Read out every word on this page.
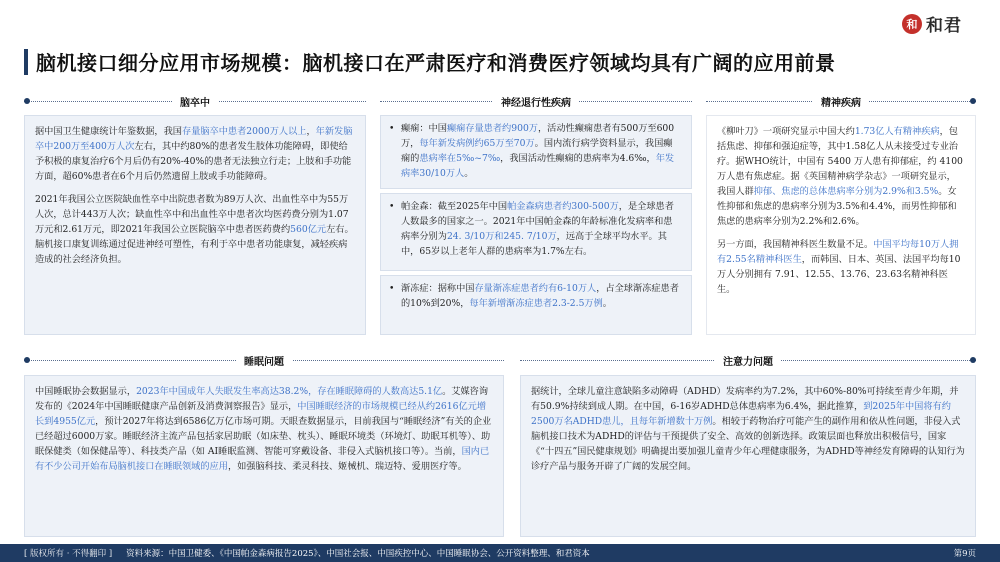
和 和君
脑机接口细分应用市场规模：脑机接口在严肃医疗和消费医疗领域均具有广阔的应用前景
脑卒中

据中国卫生健康统计年鉴数据，我国存量脑卒中患者2000万人以上，年新发脑卒中200万至400万人次左右，其中约80%的患者发生肢体功能障碍，即使给予积极的康复治疗6个月后仍有20%-40%的患者无法独立行走；上肢和手功能方面，超60%患者在6个月后仍然遗留上肢或手功能障碍。

2021年我国公立医院缺血性卒中出院患者数为89万人次、出血性卒中为55万人次，总计443万人次；缺血性卒中和出血性卒中患者次均医药费分别为1.07万元和2.61万元，即2021年我国公立医院脑卒中患者医药费约560亿元左右。脑机接口康复训练通过促进神经可塑性，有利于卒中患者功能康复，减轻疾病造成的社会经济负担。

神经退行性疾病
• 癫痫：中国癫痫存量患者约900万，活动性癫痫患者有500万至600万，每年新发病例约65万至70万。国内流行病学资料显示，我国癫痫的患病率在5‰~7‰，我国活动性癫痫的患病率为4.6‰，年发病率30/10万人。
• 帕金森：截至2025年中国帕金森病患者约300-500万，是全球患者人数最多的国家之一。2021年中国帕金森的年龄标准化发病率和患病率分别为24. 3/10万和245. 7/10万，远高于全球平均水平。其中，65岁以上老年人群的患病率为1.7%左右。
• 渐冻症：据称中国存量渐冻症患者约有6-10万人，占全球渐冻症患者的10%到20%，每年新增渐冻症患者2.3-2.5万例。
精神疾病

《柳叶刀》一项研究显示中国大约1.73亿人有精神疾病，包括焦虑、抑郁和强迫症等，其中1.58亿人从未接受过专业治疗。据WHO统计，中国有 5400 万人患有抑郁症，约 4100 万人患有焦虑症。据《英国精神病学杂志》一项研究显示，我国人群抑郁、焦虑的总体患病率分别为2.9%和3.5%。女性抑郁和焦虑的患病率分别为3.5%和4.4%，而男性抑郁和焦虑的患病率分别为2.2%和2.6%。

另一方面，我国精神科医生数量不足。中国平均每10万人拥有2.55名精神科医生，而韩国、日本、英国、法国平均每10万人分别拥有 7.91、12.55、13.76、23.63名精神科医生。

睡眠问题

中国睡眠协会数据显示，2023年中国成年人失眠发生率高达38.2%，存在睡眠障碍的人数高达5.1亿。艾媒咨询发布的《2024年中国睡眠健康产品创新及消费洞察报告》显示，中国睡眠经济的市场规模已经从约2616亿元增长到4955亿元，预计2027年将达到6586亿万亿市场可期。天眼查数据显示，目前我国与“睡眠经济”有关的企业已经超过6000万家。睡眠经济主流产品包括家居助眠（如床垫、枕头）、睡眠环境类（环境灯、助眠耳机等）、助眠保健类（如保健品等）、科技类产品（如 AI睡眠监测、智能可穿戴设备、非侵入式脑机接口等）。当前，国内已有不少公司开始布局脑机接口在睡眠领域的应用，如强脑科技、柔灵科技、姬械机、瑞迈特、爱朋医疗等。

注意力问题

据统计，全球儿童注意缺陷多动障碍（ADHD）发病率约为7.2%，其中60%-80%可持续至青少年期，并有50.9%持续到成人期。在中国，6-16岁ADHD总体患病率为6.4%，据此推算，到2025年中国将有约2500万名ADHD患儿，且每年新增数十万例。相较于药物治疗可能产生的副作用和依从性问题，非侵入式脑机接口技术为ADHD的评估与干预提供了安全、高效的创新选择。政策层面也释放出积极信号，国家《“十四五”国民健康规划》明确提出要加强儿童青少年心理健康服务，为ADHD等神经发育障碍的认知行为诊疗产品与服务开辟了广阔的发展空间。

[ 版权所有 · 不得翻印 ] 资料来源：中国卫健委、《中国帕金森病报告2025》、中国社会报、中国疾控中心、中国睡眠协会、公开资料整理、和君资本	第9页
